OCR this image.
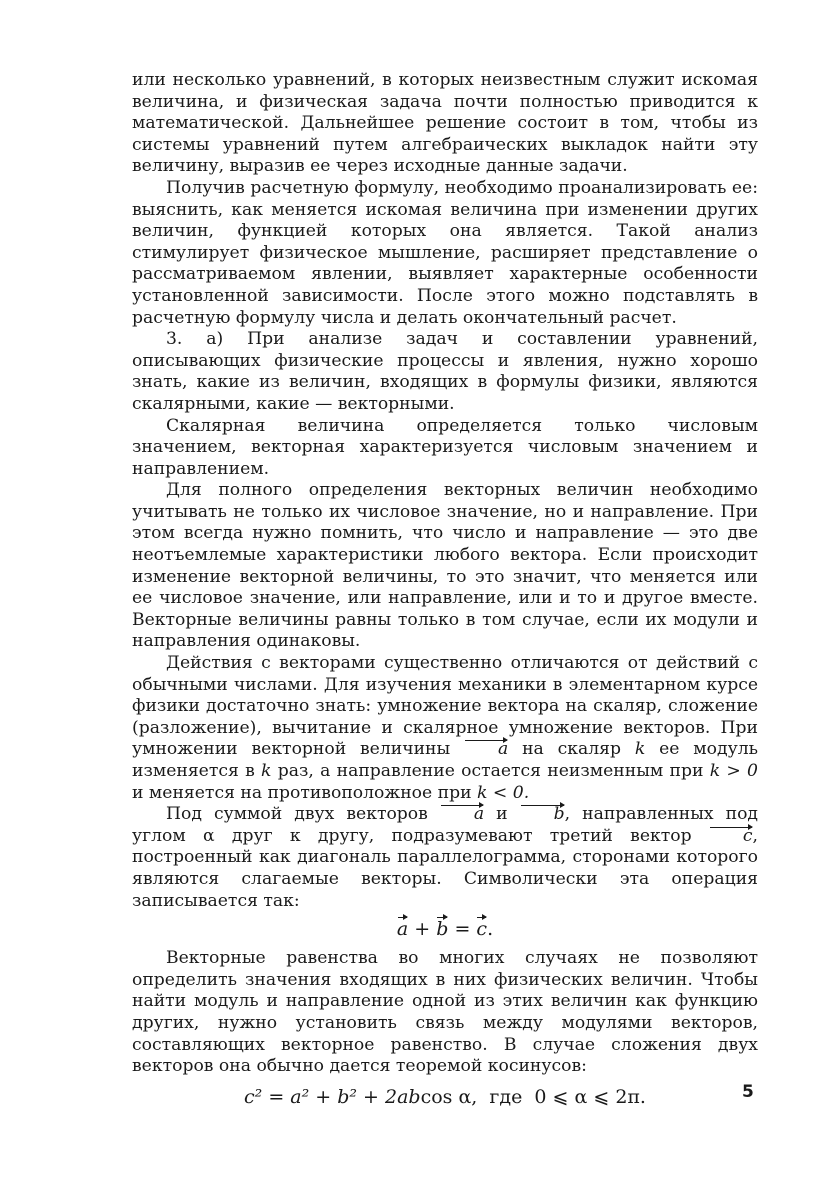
или несколько уравнений, в которых неизвестным служит искомая величина, и физическая задача почти полностью приводится к математической. Дальнейшее решение состоит в том, чтобы из системы уравнений путем алгебраических выкладок найти эту величину, выразив ее через исходные данные задачи.

Получив расчетную формулу, необходимо проанализировать ее: выяснить, как меняется искомая величина при изменении других величин, функцией которых она является. Такой анализ стимулирует физическое мышление, расширяет представление о рассматриваемом явлении, выявляет характерные особенности установленной зависимости. После этого можно подставлять в расчетную формулу числа и делать окончательный расчет.

3. а) При анализе задач и составлении уравнений, описывающих физические процессы и явления, нужно хорошо знать, какие из величин, входящих в формулы физики, являются скалярными, какие — векторными.

Скалярная величина определяется только числовым значением, векторная характеризуется числовым значением и направлением.

Для полного определения векторных величин необходимо учитывать не только их числовое значение, но и направление. При этом всегда нужно помнить, что число и направление — это две неотъемлемые характеристики любого вектора. Если происходит изменение векторной величины, то это значит, что меняется или ее числовое значение, или направление, или и то и другое вместе. Векторные величины равны только в том случае, если их модули и направления одинаковы.

Действия с векторами существенно отличаются от действий с обычными числами. Для изучения механики в элементарном курсе физики достаточно знать: умножение вектора на скаляр, сложение (разложение), вычитание и скалярное умножение векторов. При умножении векторной величины a на скаляр k ее модуль изменяется в k раз, а направление остается неизменным при k > 0 и меняется на противоположное при k < 0.

Под суммой двух векторов a и b, направленных под углом α друг к другу, подразумевают третий вектор c, построенный как диагональ параллелограмма, сторонами которого являются слагаемые векторы. Символически эта операция записывается так:

a + b = c.

Векторные равенства во многих случаях не позволяют определить значения входящих в них физических величин. Чтобы найти модуль и направление одной из этих величин как функцию других, нужно установить связь между модулями векторов, составляющих векторное равенство. В случае сложения двух векторов она обычно дается теоремой косинусов:

c² = a² + b² + 2abcos α, где 0 ⩽ α ⩽ 2π.	5
